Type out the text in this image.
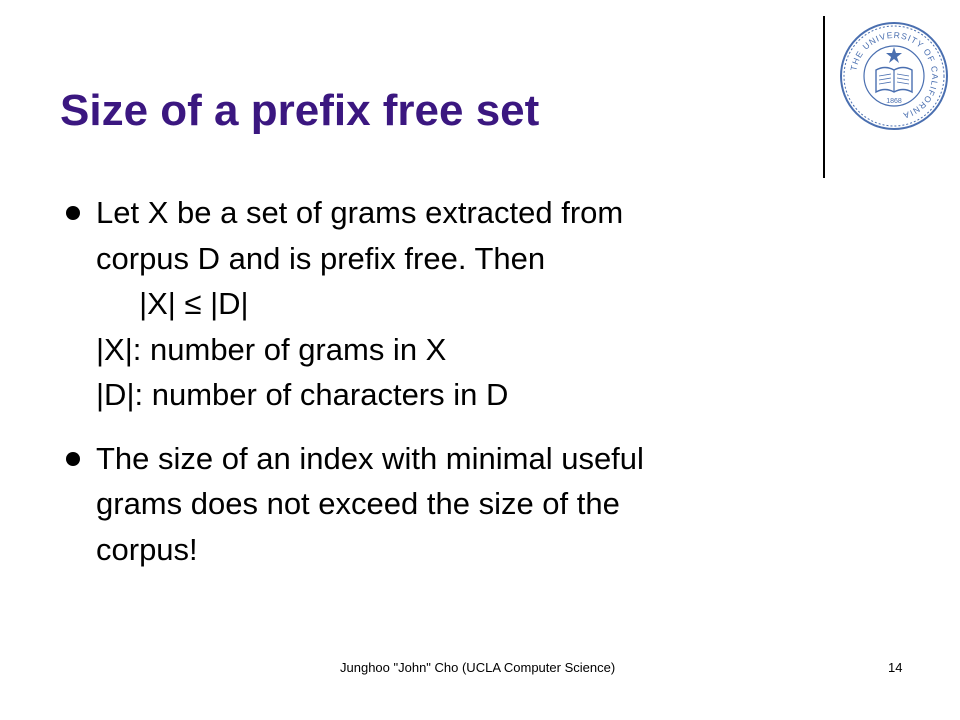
Size of a prefix free set
THE UNIVERSITY OF CALIFORNIA
1868
Let X be a set of grams extracted from
corpus D and is prefix free. Then
|X| ≤ |D|
|X|: number of grams in X
|D|: number of characters in D
The size of an index with minimal useful
grams does not exceed the size of the
corpus!
Junghoo "John" Cho (UCLA Computer Science)	14
